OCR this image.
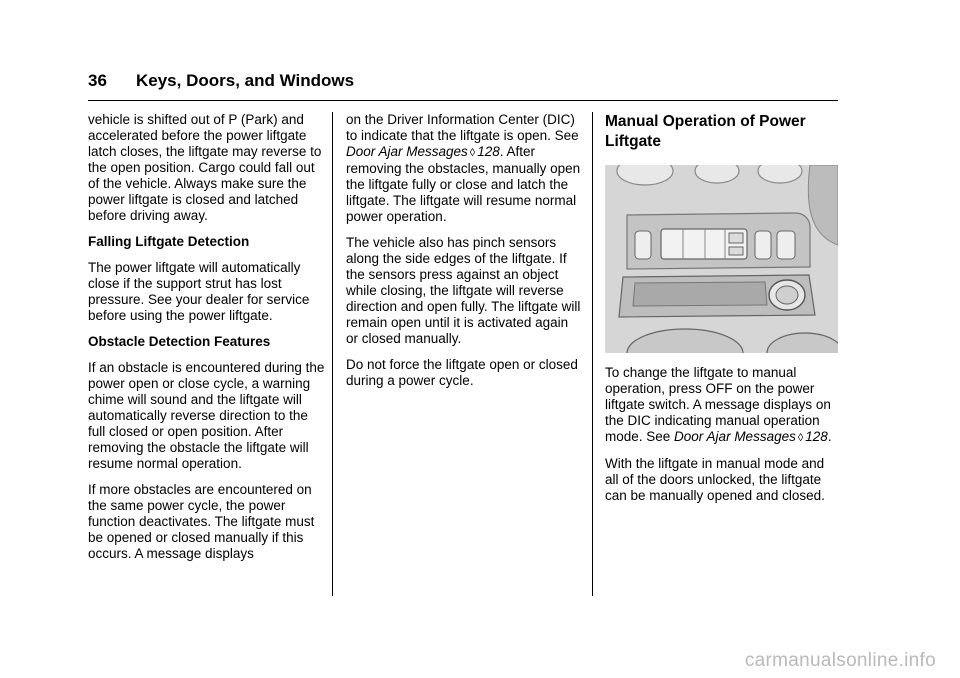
36 Keys, Doors, and Windows

vehicle is shifted out of P (Park) and accelerated before the power liftgate latch closes, the liftgate may reverse to the open position. Cargo could fall out of the vehicle. Always make sure the power liftgate is closed and latched before driving away.

Falling Liftgate Detection

The power liftgate will automatically close if the support strut has lost pressure. See your dealer for service before using the power liftgate.

Obstacle Detection Features

If an obstacle is encountered during the power open or close cycle, a warning chime will sound and the liftgate will automatically reverse direction to the full closed or open position. After removing the obstacle the liftgate will resume normal operation.

If more obstacles are encountered on the same power cycle, the power function deactivates. The liftgate must be opened or closed manually if this occurs. A message displays

on the Driver Information Center (DIC) to indicate that the liftgate is open. See Door Ajar Messages ◊ 128. After removing the obstacles, manually open the liftgate fully or close and latch the liftgate. The liftgate will resume normal power operation.

The vehicle also has pinch sensors along the side edges of the liftgate. If the sensors press against an object while closing, the liftgate will reverse direction and open fully. The liftgate will remain open until it is activated again or closed manually.

Do not force the liftgate open or closed during a power cycle.

Manual Operation of Power Liftgate

To change the liftgate to manual operation, press OFF on the power liftgate switch. A message displays on the DIC indicating manual operation mode. See Door Ajar Messages ◊ 128.

With the liftgate in manual mode and all of the doors unlocked, the liftgate can be manually opened and closed.

carmanualsonline.info
